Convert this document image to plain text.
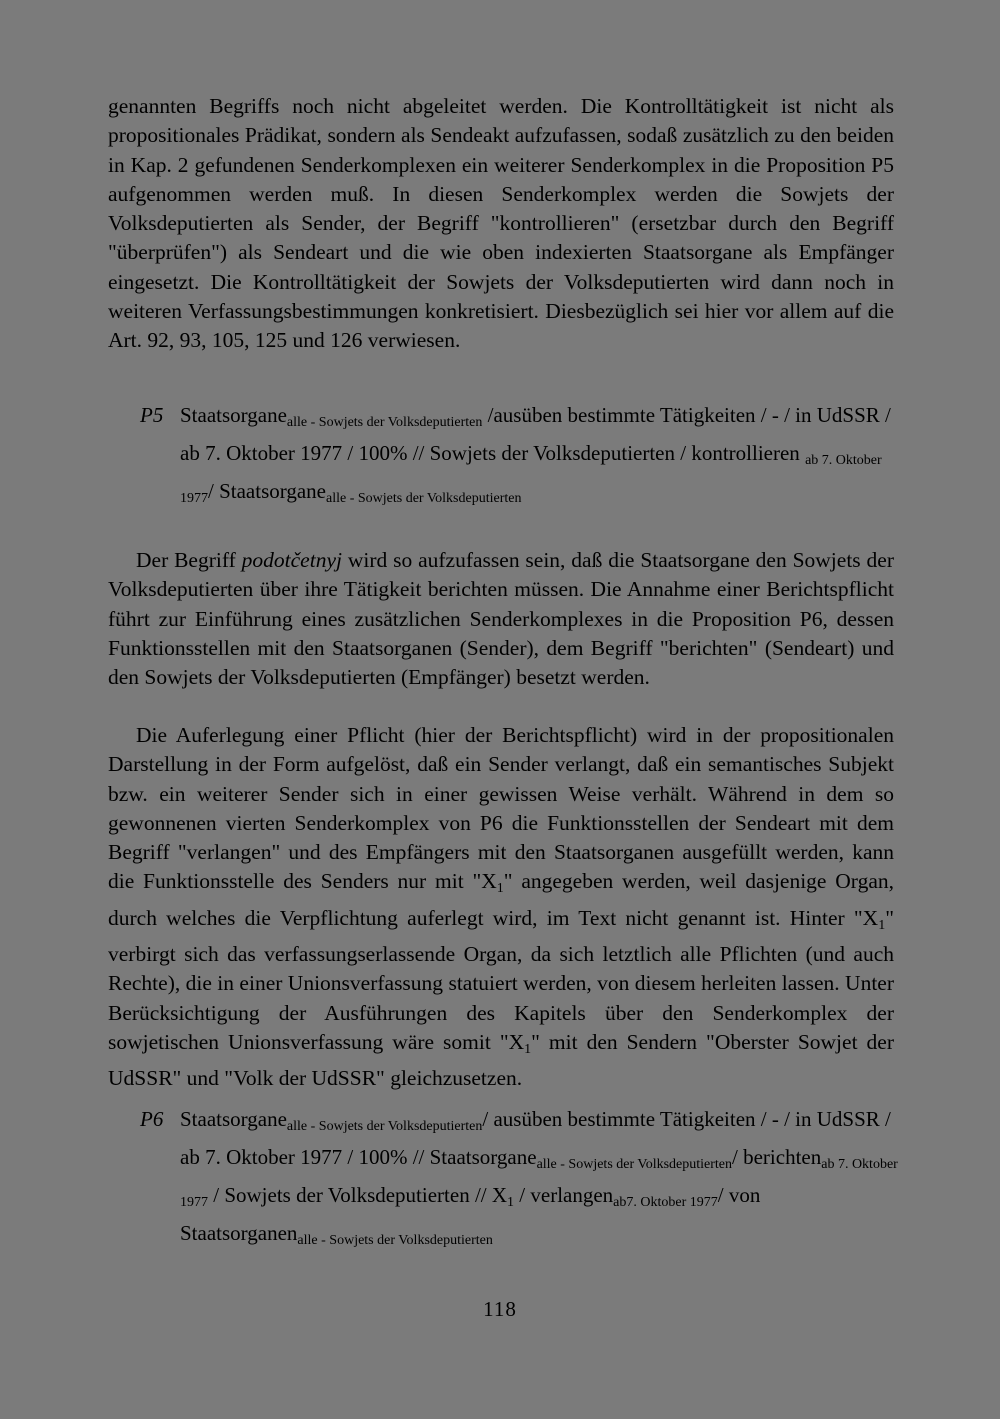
genannten Begriffs noch nicht abgeleitet werden. Die Kontrolltätigkeit ist nicht als propositionales Prädikat, sondern als Sendeakt aufzufassen, sodaß zusätzlich zu den beiden in Kap. 2 gefundenen Senderkomplexen ein weiterer Senderkomplex in die Proposition P5 aufgenommen werden muß. In diesen Senderkomplex werden die Sowjets der Volksdeputierten als Sender, der Begriff "kontrollieren" (ersetzbar durch den Begriff "überprüfen") als Sendeart und die wie oben indexierten Staatsorgane als Empfänger eingesetzt. Die Kontrolltätigkeit der Sowjets der Volksdeputierten wird dann noch in weiteren Verfassungsbestimmungen konkretisiert. Diesbezüglich sei hier vor allem auf die Art. 92, 93, 105, 125 und 126 verwiesen.

P5 Staatsorgane$_{alle - Sowjets der Volksdeputierten}$ /ausüben bestimmte Tätigkeiten / - / in UdSSR / ab 7. Oktober 1977 / 100% // Sowjets der Volksdeputierten / kontrollieren $_{ab 7. Oktober 1977}$/ Staatsorgane$_{alle - Sowjets der Volksdeputierten}$

Der Begriff podotčetnyj wird so aufzufassen sein, daß die Staatsorgane den Sowjets der Volksdeputierten über ihre Tätigkeit berichten müssen. Die Annahme einer Berichtspflicht führt zur Einführung eines zusätzlichen Senderkomplexes in die Proposition P6, dessen Funktionsstellen mit den Staatsorganen (Sender), dem Begriff "berichten" (Sendeart) und den Sowjets der Volksdeputierten (Empfänger) besetzt werden.

Die Auferlegung einer Pflicht (hier der Berichtspflicht) wird in der propositionalen Darstellung in der Form aufgelöst, daß ein Sender verlangt, daß ein semantisches Subjekt bzw. ein weiterer Sender sich in einer gewissen Weise verhält. Während in dem so gewonnenen vierten Senderkomplex von P6 die Funktionsstellen der Sendeart mit dem Begriff "verlangen" und des Empfängers mit den Staatsorganen ausgefüllt werden, kann die Funktionsstelle des Senders nur mit "$X_1$" angegeben werden, weil dasjenige Organ, durch welches die Verpflichtung auferlegt wird, im Text nicht genannt ist. Hinter "$X_1$" verbirgt sich das verfassungserlassende Organ, da sich letztlich alle Pflichten (und auch Rechte), die in einer Unionsverfassung statuiert werden, von diesem herleiten lassen. Unter Berücksichtigung der Ausführungen des Kapitels über den Senderkomplex der sowjetischen Unionsverfassung wäre somit "$X_1$" mit den Sendern "Oberster Sowjet der UdSSR" und "Volk der UdSSR" gleichzusetzen.

P6 Staatsorgane$_{alle - Sowjets der Volksdeputierten}$/ ausüben bestimmte Tätigkeiten / - / in UdSSR / ab 7. Oktober 1977 / 100% // Staatsorgane$_{alle - Sowjets der Volksdeputierten}$/ berichten$_{ab 7. Oktober 1977}$ / Sowjets der Volksdeputierten // $X_1$ / verlangen$_{ab7. Oktober 1977}$/ von Staatsorganen$_{alle - Sowjets der Volksdeputierten}$
118
